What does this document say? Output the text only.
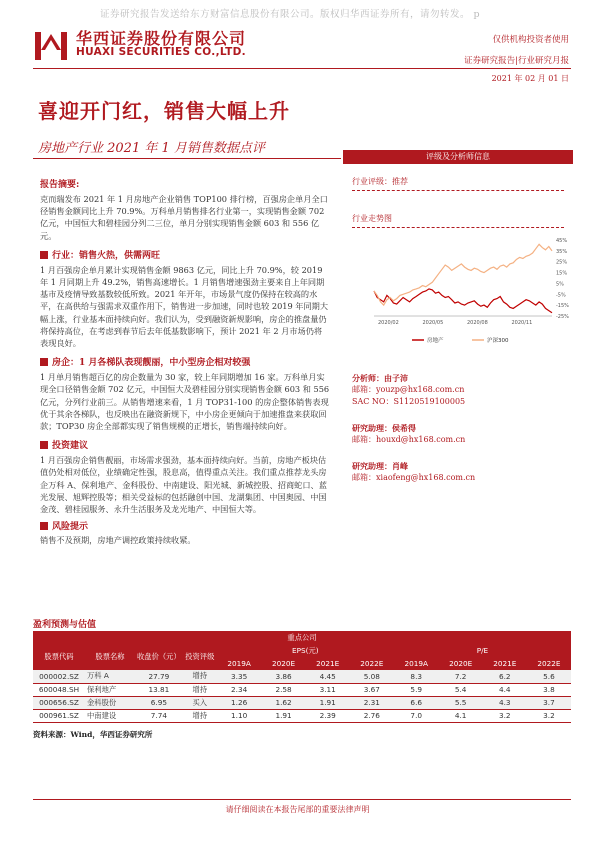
证券研究报告发送给东方财富信息股份有限公司。版权归华西证券所有，请勿转发。 p
华西证券股份有限公司
HUAXI SECURITIES CO.,LTD.
仅供机构投资者使用
证券研究报告|行业研究月报
2021 年 02 月 01 日
喜迎开门红，销售大幅上升
房地产行业 2021 年 1 月销售数据点评
评级及分析师信息
行业评级：推荐
行业走势图
45%
35%
25%
15%
5%
-5%
-15%
-25%
2020/02	2020/05	2020/08	2020/11
房地产	沪深300
分析师：由子沛
邮箱：youzp@hx168.com.cn
SAC NO：S1120519100005
研究助理：侯希得
邮箱：houxd@hx168.com.cn
研究助理：肖峰
邮箱：xiaofeng@hx168.com.cn
报告摘要:
克而瑞发布 2021 年 1 月房地产企业销售 TOP100 排行榜，百强房企单月全口径销售金额同比上升 70.9%。万科单月销售排名行业第一，实现销售金额 702 亿元，中国恒大和碧桂园分列二三位，单月分别实现销售金额 603 和 556 亿元。
行业：销售火热，供需两旺
1 月百强房企单月累计实现销售金额 9863 亿元，同比上升 70.9%，较 2019 年 1 月同期上升 49.2%，销售高速增长。1 月销售增速强劲主要来自上年同期基市及疫情导致基数较低所致。2021 年开年，市场景气度仍保持在较高的水平，在高供给与强需求双重作用下，销售进一步加速，同时也较 2019 年同期大幅上涨，行业基本面持续向好。我们认为，受到融资新规影响，房企的推盘量仍将保持高位，在考虑到春节后去年低基数影响下，预计 2021 年 2 月市场仍将表现良好。
房企：1 月各梯队表现靓丽，中小型房企相对较强
1 月单月销售超百亿的房企数量为 30 家，较上年同期增加 16 家。万科单月实现全口径销售金额 702 亿元，中国恒大及碧桂园分别实现销售金额 603 和 556 亿元，分列行业前三。从销售增速来看，1 月 TOP31-100 的房企整体销售表现优于其余各梯队，也反映出在融资新规下，中小房企更倾向于加速推盘来获取回款；TOP30 房企全部都实现了销售规模的正增长，销售端持续向好。
投资建议
1 月百强房企销售靓丽，市场需求强劲，基本面持续向好。当前，房地产板块估值仍处相对低位，业绩确定性强，股息高，值得重点关注。我们重点推荐龙头房企万科 A、保利地产、金科股份、中南建设、阳光城、新城控股、招商蛇口、蓝光发展、旭辉控股等；相关受益标的包括融创中国、龙湖集团、中国奥园、中国金茂、碧桂园服务、永升生活服务及龙光地产、中国恒大等。
风险提示
销售不及预期，房地产调控政策持续收紧。
盈利预测与估值
重点公司											
股票代码	股票名称	收盘价（元）	投资评级	EPS(元)				P/E			
				2019A	2020E	2021E	2022E	2019A	2020E	2021E	2022E
000002.SZ	万科 A	27.79	增持	3.35	3.86	4.45	5.08	8.3	7.2	6.2	5.6
600048.SH	保利地产	13.81	增持	2.34	2.58	3.11	3.67	5.9	5.4	4.4	3.8
000656.SZ	金科股份	6.95	买入	1.26	1.62	1.91	2.31	6.6	5.5	4.3	3.7
000961.SZ	中南建设	7.74	增持	1.10	1.91	2.39	2.76	7.0	4.1	3.2	3.2
资料来源：Wind，华西证券研究所
请仔细阅读在本报告尾部的重要法律声明
